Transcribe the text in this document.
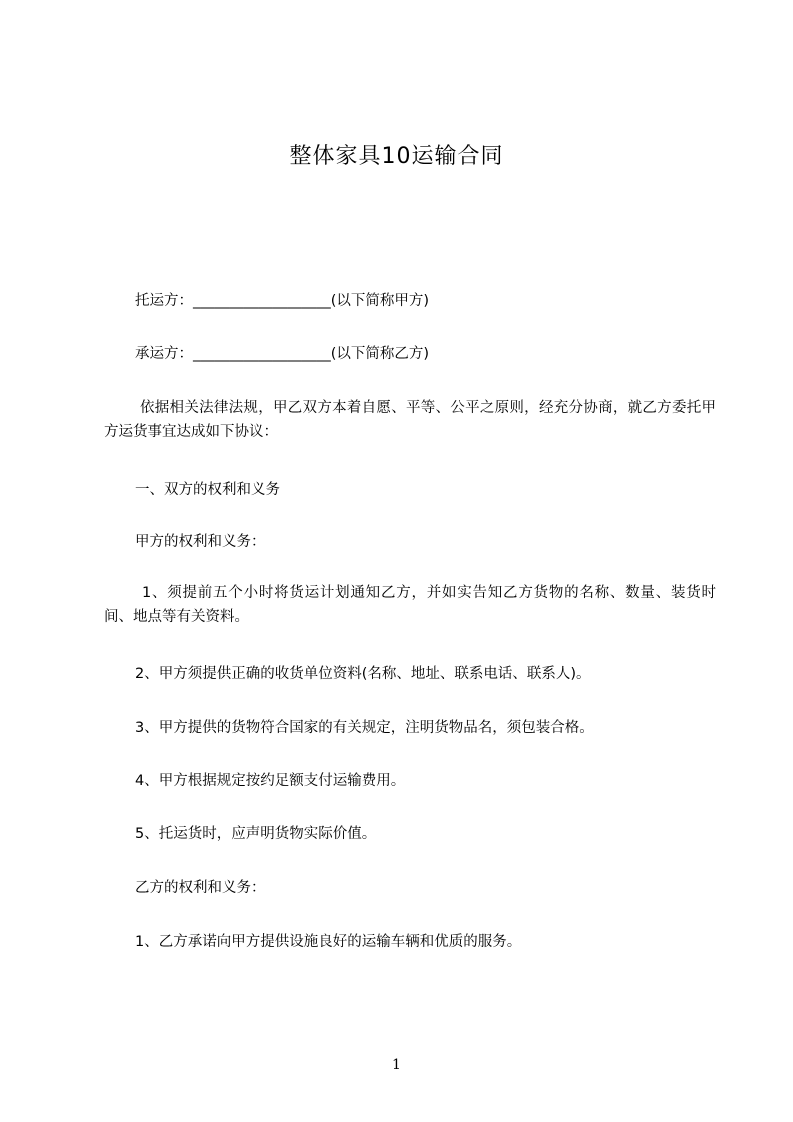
整体家具10运输合同
托运方：___________________(以下简称甲方)
承运方：___________________(以下简称乙方)

依据相关法律法规，甲乙双方本着自愿、平等、公平之原则，经充分协商，就乙方委托甲方运货事宜达成如下协议：

一、双方的权利和义务
甲方的权利和义务：

1、须提前五个小时将货运计划通知乙方，并如实告知乙方货物的名称、数量、装货时间、地点等有关资料。

2、甲方须提供正确的收货单位资料(名称、地址、联系电话、联系人)。
3、甲方提供的货物符合国家的有关规定，注明货物品名，须包装合格。
4、甲方根据规定按约足额支付运输费用。
5、托运货时，应声明货物实际价值。
乙方的权利和义务：
1、乙方承诺向甲方提供设施良好的运输车辆和优质的服务。
1
